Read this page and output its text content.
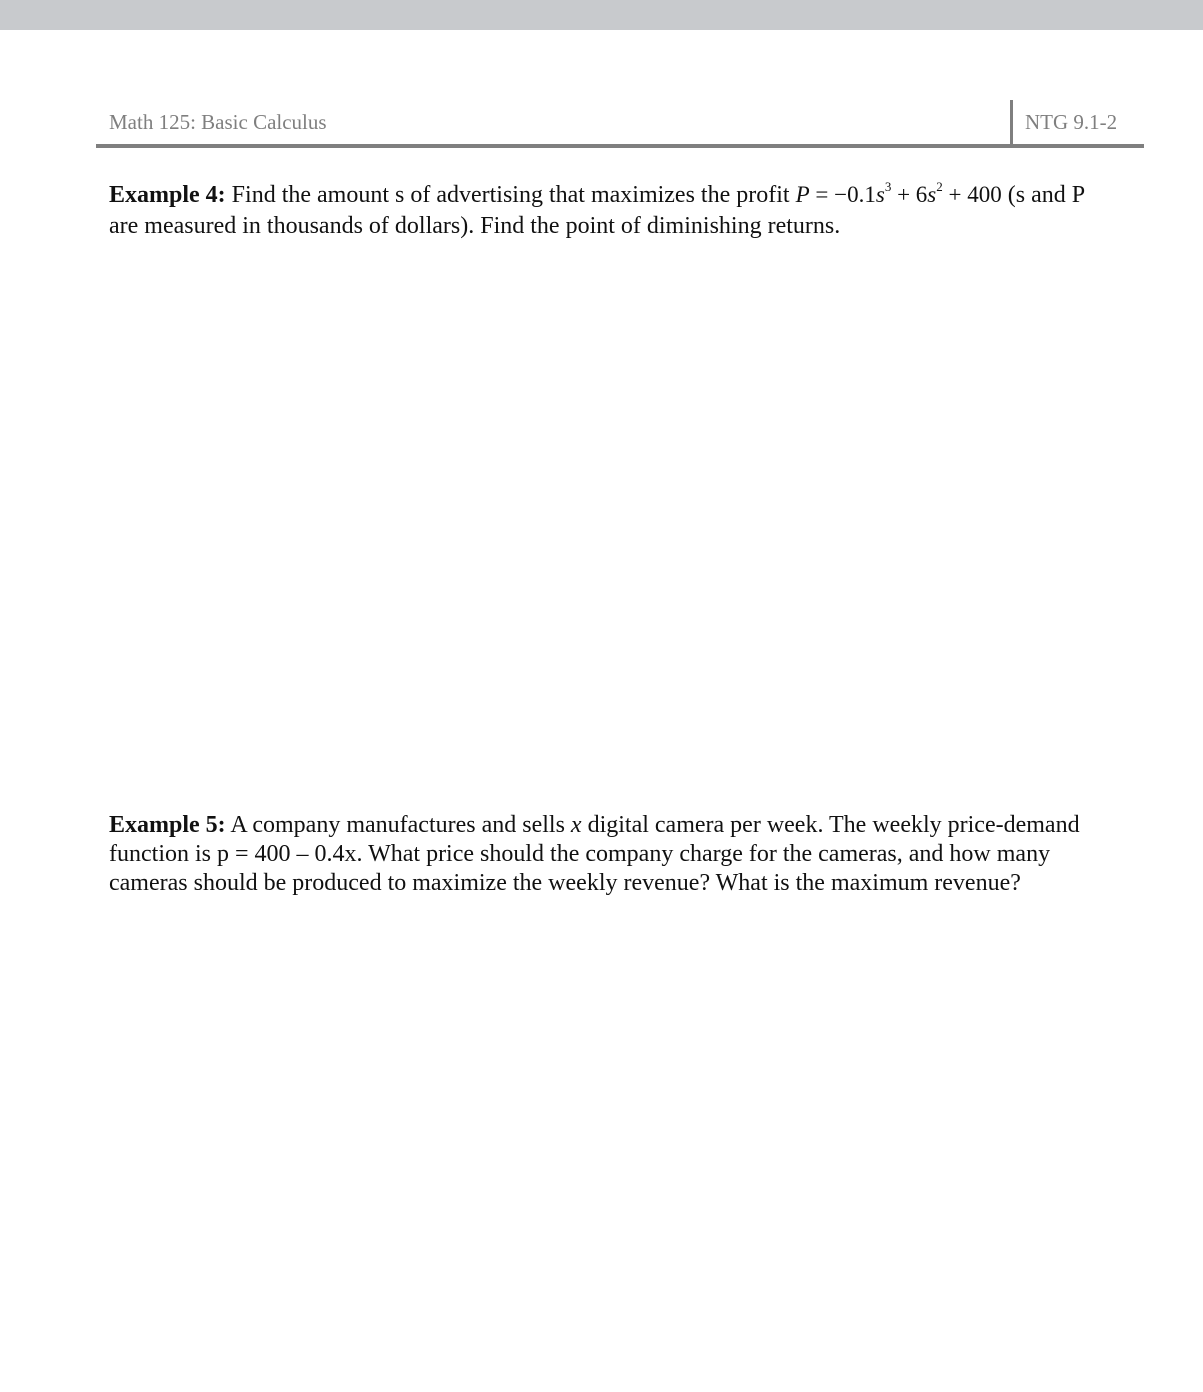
Math 125: Basic Calculus	NTG 9.1-2
Example 4: Find the amount s of advertising that maximizes the profit $P = -0.1s^3 + 6s^2 + 400$ (s and P are measured in thousands of dollars). Find the point of diminishing returns.
Example 5: A company manufactures and sells x digital camera per week. The weekly price-demand function is p = 400 – 0.4x. What price should the company charge for the cameras, and how many cameras should be produced to maximize the weekly revenue? What is the maximum revenue?
